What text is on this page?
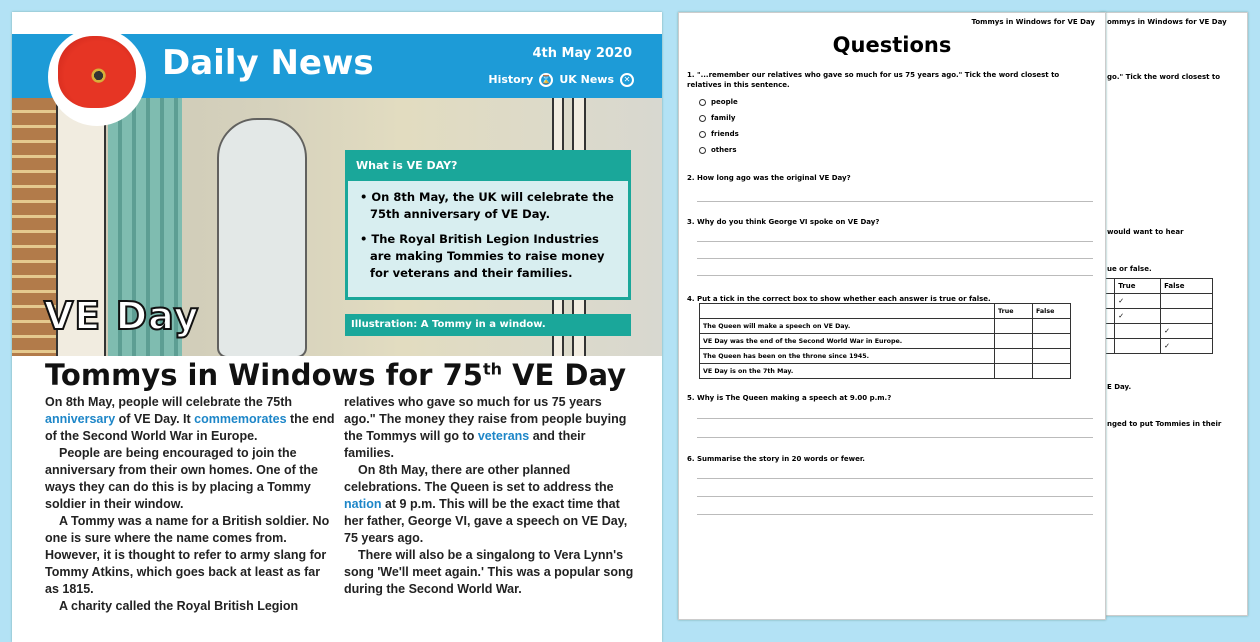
Daily News	4th May 2020
History ⌛ UK News	✕
VE Day
What is VE DAY?
• On 8th May, the UK will celebrate the 75th anniversary of VE Day.
• The Royal British Legion Industries are making Tommies to raise money for veterans and their families.
Illustration: A Tommy in a window.
Tommys in Windows for 75th VE Day

On 8th May, people will celebrate the 75th anniversary of VE Day. It commemorates the end of the Second World War in Europe.

People are being encouraged to join the anniversary from their own homes. One of the ways they can do this is by placing a Tommy soldier in their window.

A Tommy was a name for a British soldier. No one is sure where the name comes from. However, it is thought to refer to army slang for Tommy Atkins, which goes back at least as far as 1815.

A charity called the Royal British Legion

relatives who gave so much for us 75 years ago." The money they raise from people buying the Tommys will go to veterans and their families.

On 8th May, there are other planned celebrations. The Queen is set to address the nation at 9 p.m. This will be the exact time that her father, George VI, gave a speech on VE Day, 75 years ago.

There will also be a singalong to Vera Lynn's song 'We'll meet again.' This was a popular song during the Second World War.

ommys in Windows for VE Day
go." Tick the word closest to
would want to hear
ue or false.
	True	False
	✓	
	✓	
		✓
		✓
E Day.
nged to put Tommies in their
Tommys in Windows for VE Day
Questions
1. "...remember our relatives who gave so much for us 75 years ago." Tick the word closest to relatives in this sentence.
people
family
friends
others
2. How long ago was the original VE Day?
3. Why do you think George VI spoke on VE Day?
4. Put a tick in the correct box to show whether each answer is true or false.
	True	False
The Queen will make a speech on VE Day.		
VE Day was the end of the Second World War in Europe.		
The Queen has been on the throne since 1945.		
VE Day is on the 7th May.		
5. Why is The Queen making a speech at 9.00 p.m.?
6. Summarise the story in 20 words or fewer.
